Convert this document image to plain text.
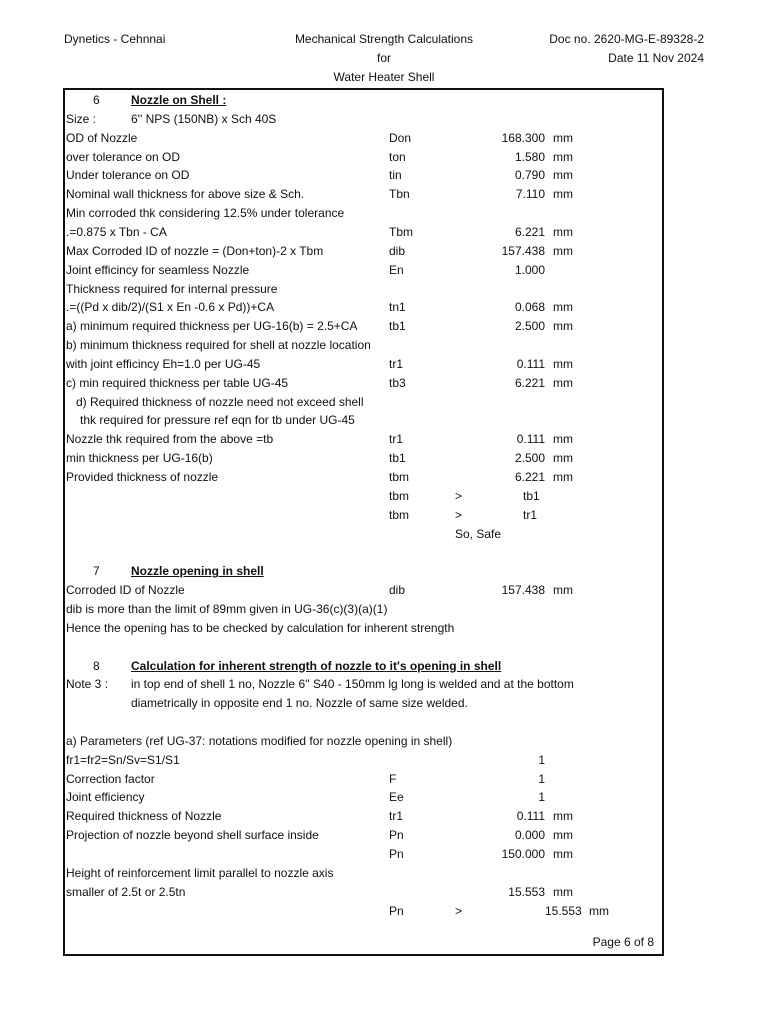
Dynetics - Cehnnai	Mechanical Strength Calculations
for
Water Heater Shell
Doc no. 2620-MG-E-89328-2
Date 11 Nov 2024
Page 6 of 8
6	Nozzle on Shell :
Size :	6'' NPS (150NB) x Sch 40S
OD of Nozzle	Don	168.300 mm
over tolerance on OD	ton	1.580 mm
Under tolerance on OD	tin	0.790 mm
Nominal wall thickness for above size & Sch.	Tbn	7.110 mm
Min corroded thk considering 12.5% under tolerance
.=0.875 x Tbn - CA	Tbm	6.221 mm
Max Corroded ID of nozzle = (Don+ton)-2 x Tbm	dib	157.438 mm
Joint efficincy for seamless Nozzle	En	1.000
Thickness required for internal pressure
.=((Pd x dib/2)/(S1 x En -0.6 x Pd))+CA	tn1	0.068 mm
a) minimum required thickness per UG-16(b) = 2.5+CA	tb1	2.500 mm
b) minimum thickness required for shell at nozzle location
with joint efficincy Eh=1.0 per UG-45	tr1	0.111 mm
c) min required thickness per table UG-45	tb3	6.221 mm
d) Required thickness of nozzle need not exceed shell
thk required for pressure ref eqn for tb under UG-45
Nozzle thk required from the above =tb	tr1	0.111 mm
min thickness per UG-16(b)	tb1	2.500 mm
Provided thickness of nozzle	tbm	6.221 mm
tbm	>	tb1
tbm	>	tr1
So, Safe
7	Nozzle opening in shell
Corroded ID of Nozzle	dib	157.438 mm
dib is more than the limit of 89mm given in UG-36(c)(3)(a)(1)
Hence the opening has to be checked by calculation for inherent strength
8	Calculation for inherent strength of nozzle to it's opening in shell
Note 3 : in top end of shell 1 no, Nozzle 6'' S40 - 150mm lg long is welded and at the bottom
diametrically in opposite end 1 no. Nozzle of same size welded.
a) Parameters (ref UG-37: notations modified for nozzle opening in shell)
fr1=fr2=Sn/Sv=S1/S1	1
Correction factor	F	1
Joint efficiency	Ee	1
Required thickness of Nozzle	tr1	0.111 mm
Projection of nozzle beyond shell surface inside	Pn	0.000 mm
Pn	150.000 mm
Height of reinforcement limit parallel to nozzle axis
smaller of 2.5t or 2.5tn	15.553 mm
Pn	>	15.553 mm
